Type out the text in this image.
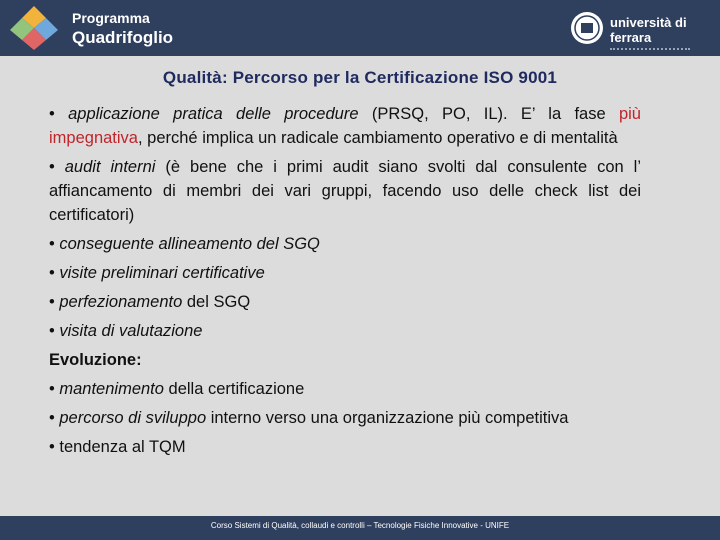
Programma
Quadrifoglio
università di ferrara
Qualità: Percorso per la Certificazione ISO 9001

• applicazione pratica delle procedure (PRSQ, PO, IL). E’ la fase più impegnativa, perché implica un radicale cambiamento operativo e di mentalità

• audit interni (è bene che i primi audit siano svolti dal consulente con l’ affiancamento di membri dei vari gruppi, facendo uso delle check list dei certificatori)

• conseguente allineamento del SGQ

• visite preliminari certificative

• perfezionamento del SGQ

• visita di valutazione

Evoluzione:

• mantenimento della certificazione

• percorso di sviluppo interno verso una organizzazione più competitiva

• tendenza al TQM

Corso Sistemi di Qualità, collaudi e controlli – Tecnologie Fisiche Innovative - UNIFE
